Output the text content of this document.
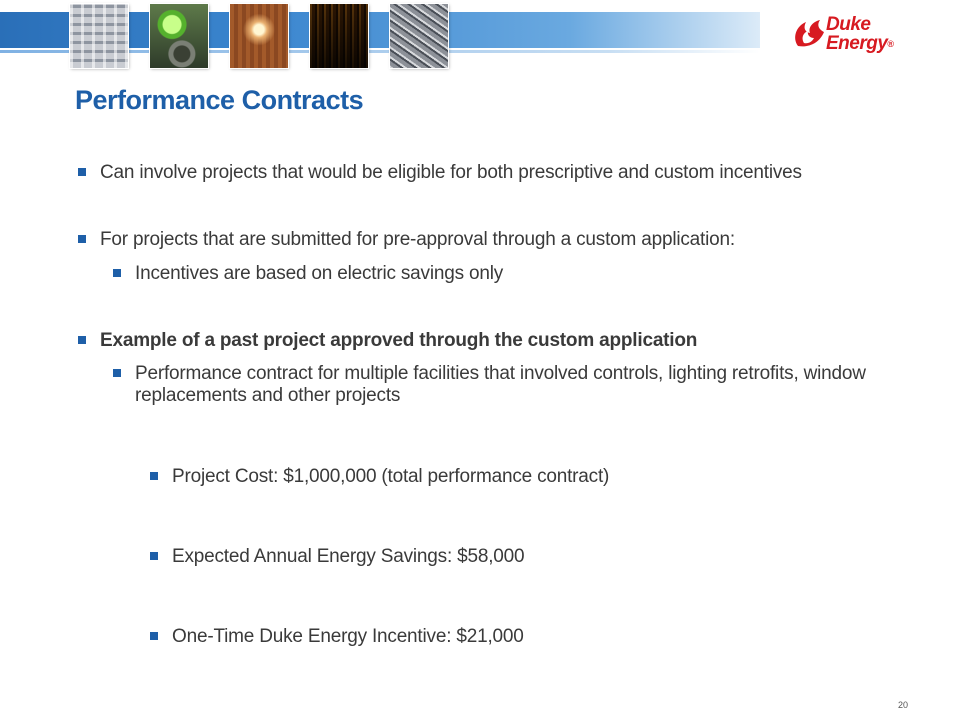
Duke
Energy®
Performance Contracts
Can involve projects that would be eligible for both prescriptive and custom incentives
For projects that are submitted for pre-approval through a custom application:
Incentives are based on electric savings only
Example of a past project approved through the custom application
Performance contract for multiple facilities that involved controls, lighting retrofits, window replacements and other projects
Project Cost: $1,000,000 (total performance contract)
Expected Annual Energy Savings: $58,000
One-Time Duke Energy Incentive: $21,000
20
